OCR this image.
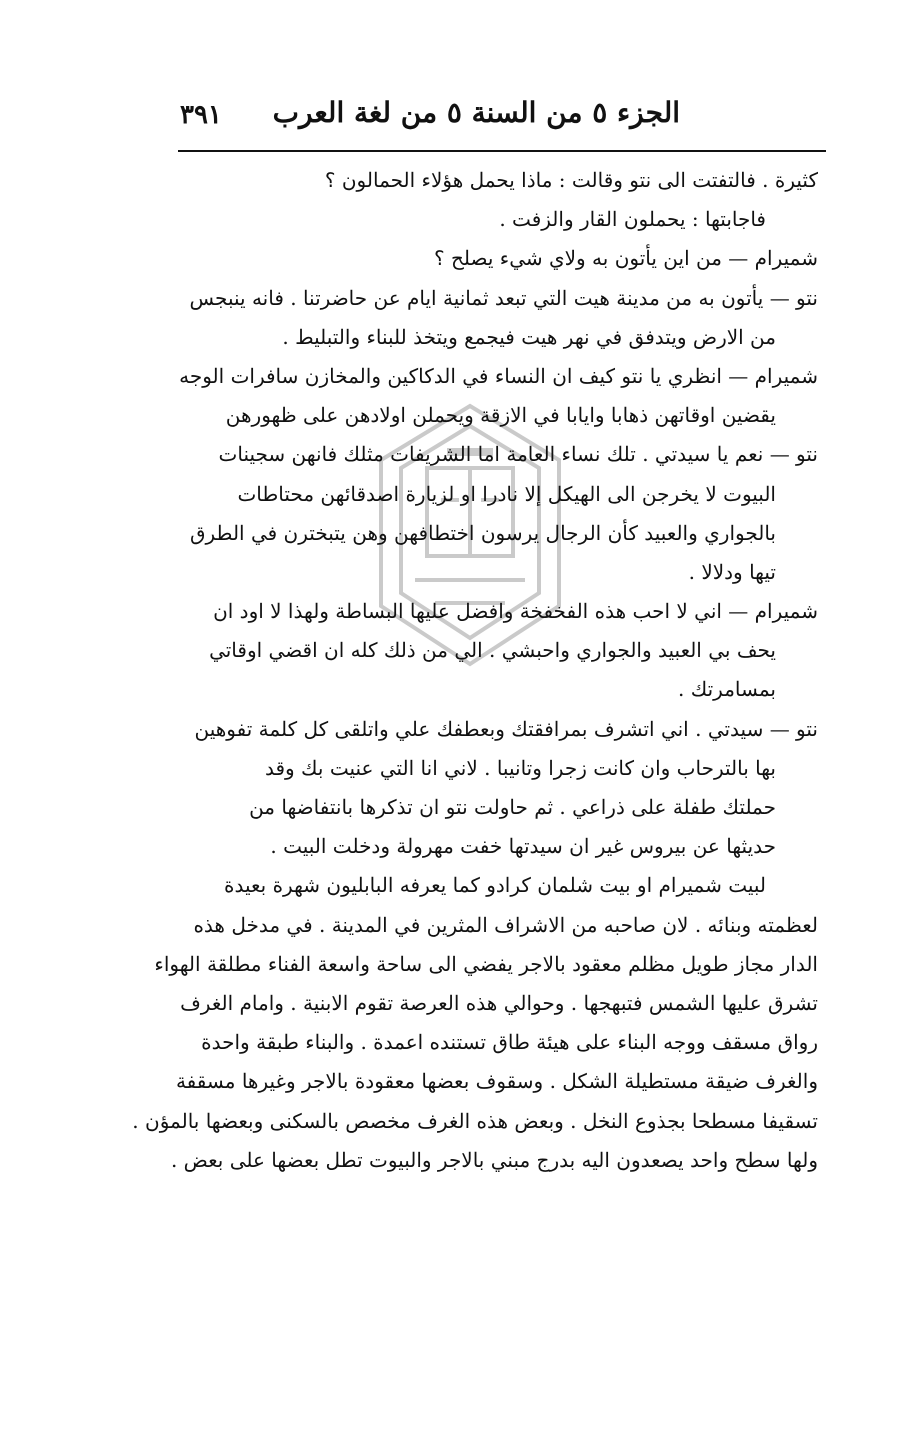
٣٩١ الجزء ٥ من السنة ٥ من لغة العرب
كثيرة . فالتفتت الى نتو وقالت : ماذا يحمل هؤلاء الحمالون ؟
فاجابتها : يحملون القار والزفت .
شميرام — من اين يأتون به ولاي شيء يصلح ؟
نتو — يأتون به من مدينة هيت التي تبعد ثمانية ايام عن حاضرتنا . فانه ينبجس
من الارض ويتدفق في نهر هيت فيجمع ويتخذ للبناء والتبليط .
شميرام — انظري يا نتو كيف ان النساء في الدكاكين والمخازن سافرات الوجه
يقضين اوقاتهن ذهابا وايابا في الازقة ويحملن اولادهن على ظهورهن
نتو — نعم يا سيدتي . تلك نساء العامة اما الشريفات مثلك فانهن سجينات
البيوت لا يخرجن الى الهيكل إلا نادرا او لزيارة اصدقائهن محتاطات
بالجواري والعبيد كأن الرجال يرسون اختطافهن وهن يتبخترن في الطرق
تيها ودلالا .
شميرام — اني لا احب هذه الفخفخة وافضل عليها البساطة ولهذا لا اود ان
يحف بي العبيد والجواري واحبشي . الي من ذلك كله ان اقضي اوقاتي
بمسامرتك .
نتو — سيدتي . اني اتشرف بمرافقتك وبعطفك علي واتلقى كل كلمة تفوهين
بها بالترحاب وان كانت زجرا وتانيبا . لاني انا التي عنيت بك وقد
حملتك طفلة على ذراعي . ثم حاولت نتو ان تذكرها بانتفاضها من
حديثها عن بيروس غير ان سيدتها خفت مهرولة ودخلت البيت .
لبيت شميرام او بيت شلمان كرادو كما يعرفه البابليون شهرة بعيدة
لعظمته وبنائه . لان صاحبه من الاشراف المثرين في المدينة . في مدخل هذه
الدار مجاز طويل مظلم معقود بالاجر يفضي الى ساحة واسعة الفناء مطلقة الهواء
تشرق عليها الشمس فتبهجها . وحوالي هذه العرصة تقوم الابنية . وامام الغرف
رواق مسقف ووجه البناء على هيئة طاق تستنده اعمدة . والبناء طبقة واحدة
والغرف ضيقة مستطيلة الشكل . وسقوف بعضها معقودة بالاجر وغيرها مسقفة
تسقيفا مسطحا بجذوع النخل . وبعض هذه الغرف مخصص بالسكنى وبعضها بالمؤن .
ولها سطح واحد يصعدون اليه بدرج مبني بالاجر والبيوت تطل بعضها على بعض .
